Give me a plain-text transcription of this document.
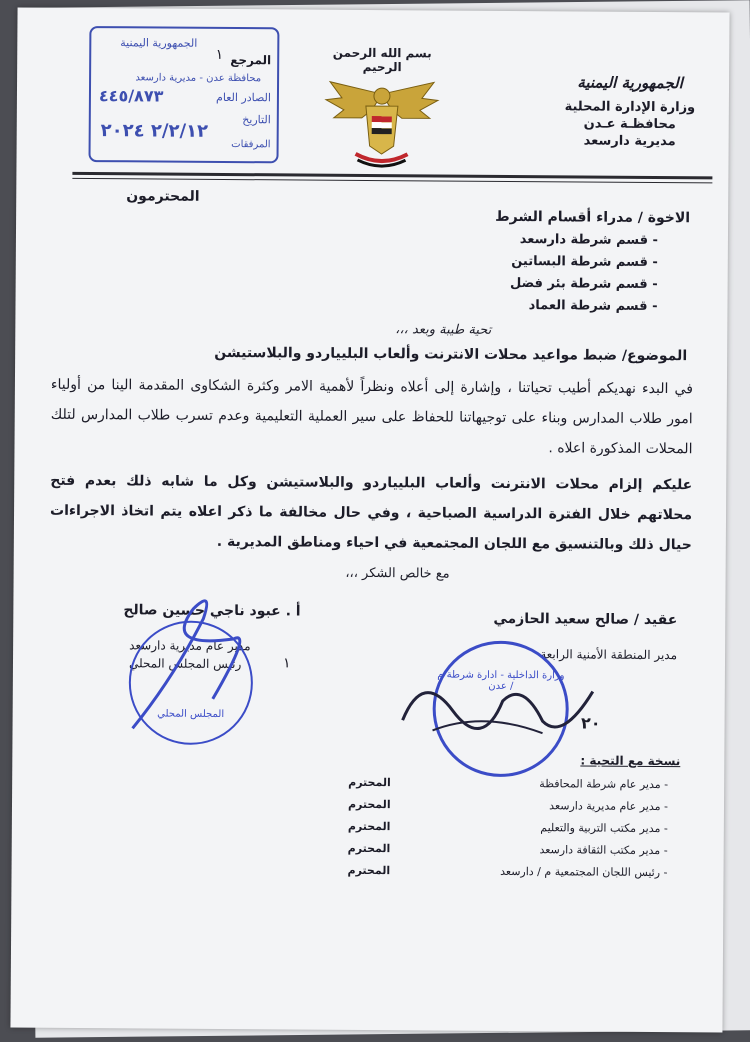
الجمهورية اليمنية
وزارة الإدارة المحلية
محافظـة عـدن
مديرية دارسعد
بسم الله الرحمن الرحيم
الجمهورية اليمنية
المرجع
١
محافظة عدن - مديرية دارسعد
الصادر العام
٤٤٥/٨٧٣
التاريخ
٢/٢/١٢ ٢٠٢٤
المرفقات
المحترمون
الاخوة / مدراء أقسام الشرط
- قسم شرطة دارسعد
- قسم شرطة البساتين
- قسم شرطة بئر فضل
- قسم شرطة العماد
تحية طيبة وبعد ،،،
الموضوع/ ضبط مواعيد محلات الانترنت وألعاب البليياردو والبلاستيشن
في البدء نهديكم أطيب تحياتنا ، وإشارة إلى أعلاه ونظراً لأهمية الامر وكثرة الشكاوى المقدمة الينا من أولياء امور طلاب المدارس وبناء على توجيهاتنا للحفاظ على سير العملية التعليمية وعدم تسرب طلاب المدارس لتلك المحلات المذكورة اعلاه .
عليكم إلزام محلات الانترنت وألعاب البليياردو والبلاستيشن وكل ما شابه ذلك بعدم فتح محلاتهم خلال الفترة الدراسية الصباحية ، وفي حال مخالفة ما ذكر اعلاه يتم اتخاذ الاجراءات حيال ذلك وبالتنسيق مع اللجان المجتمعية في احياء ومناطق المديرية .
مع خالص الشكر ،،،
عقيد / صالح سعيد الحازمي
مدير المنطقة الأمنية الرابعة
وزارة الداخلية - ادارة شرطة م / عدن
٢٠
أ . عبود ناجي حسين صالح
مدير عام مديرية دارسعد
رئيس المجلس المحلي	١
المجلس المحلي
نسخة مع التحية :
- مدير عام شرطة المحافظة
المحترم
- مدير عام مديرية دارسعد
المحترم
- مدير مكتب التربية والتعليم
المحترم
- مدير مكتب الثقافة دارسعد
المحترم
- رئيس اللجان المجتمعية م / دارسعد
المحترم
